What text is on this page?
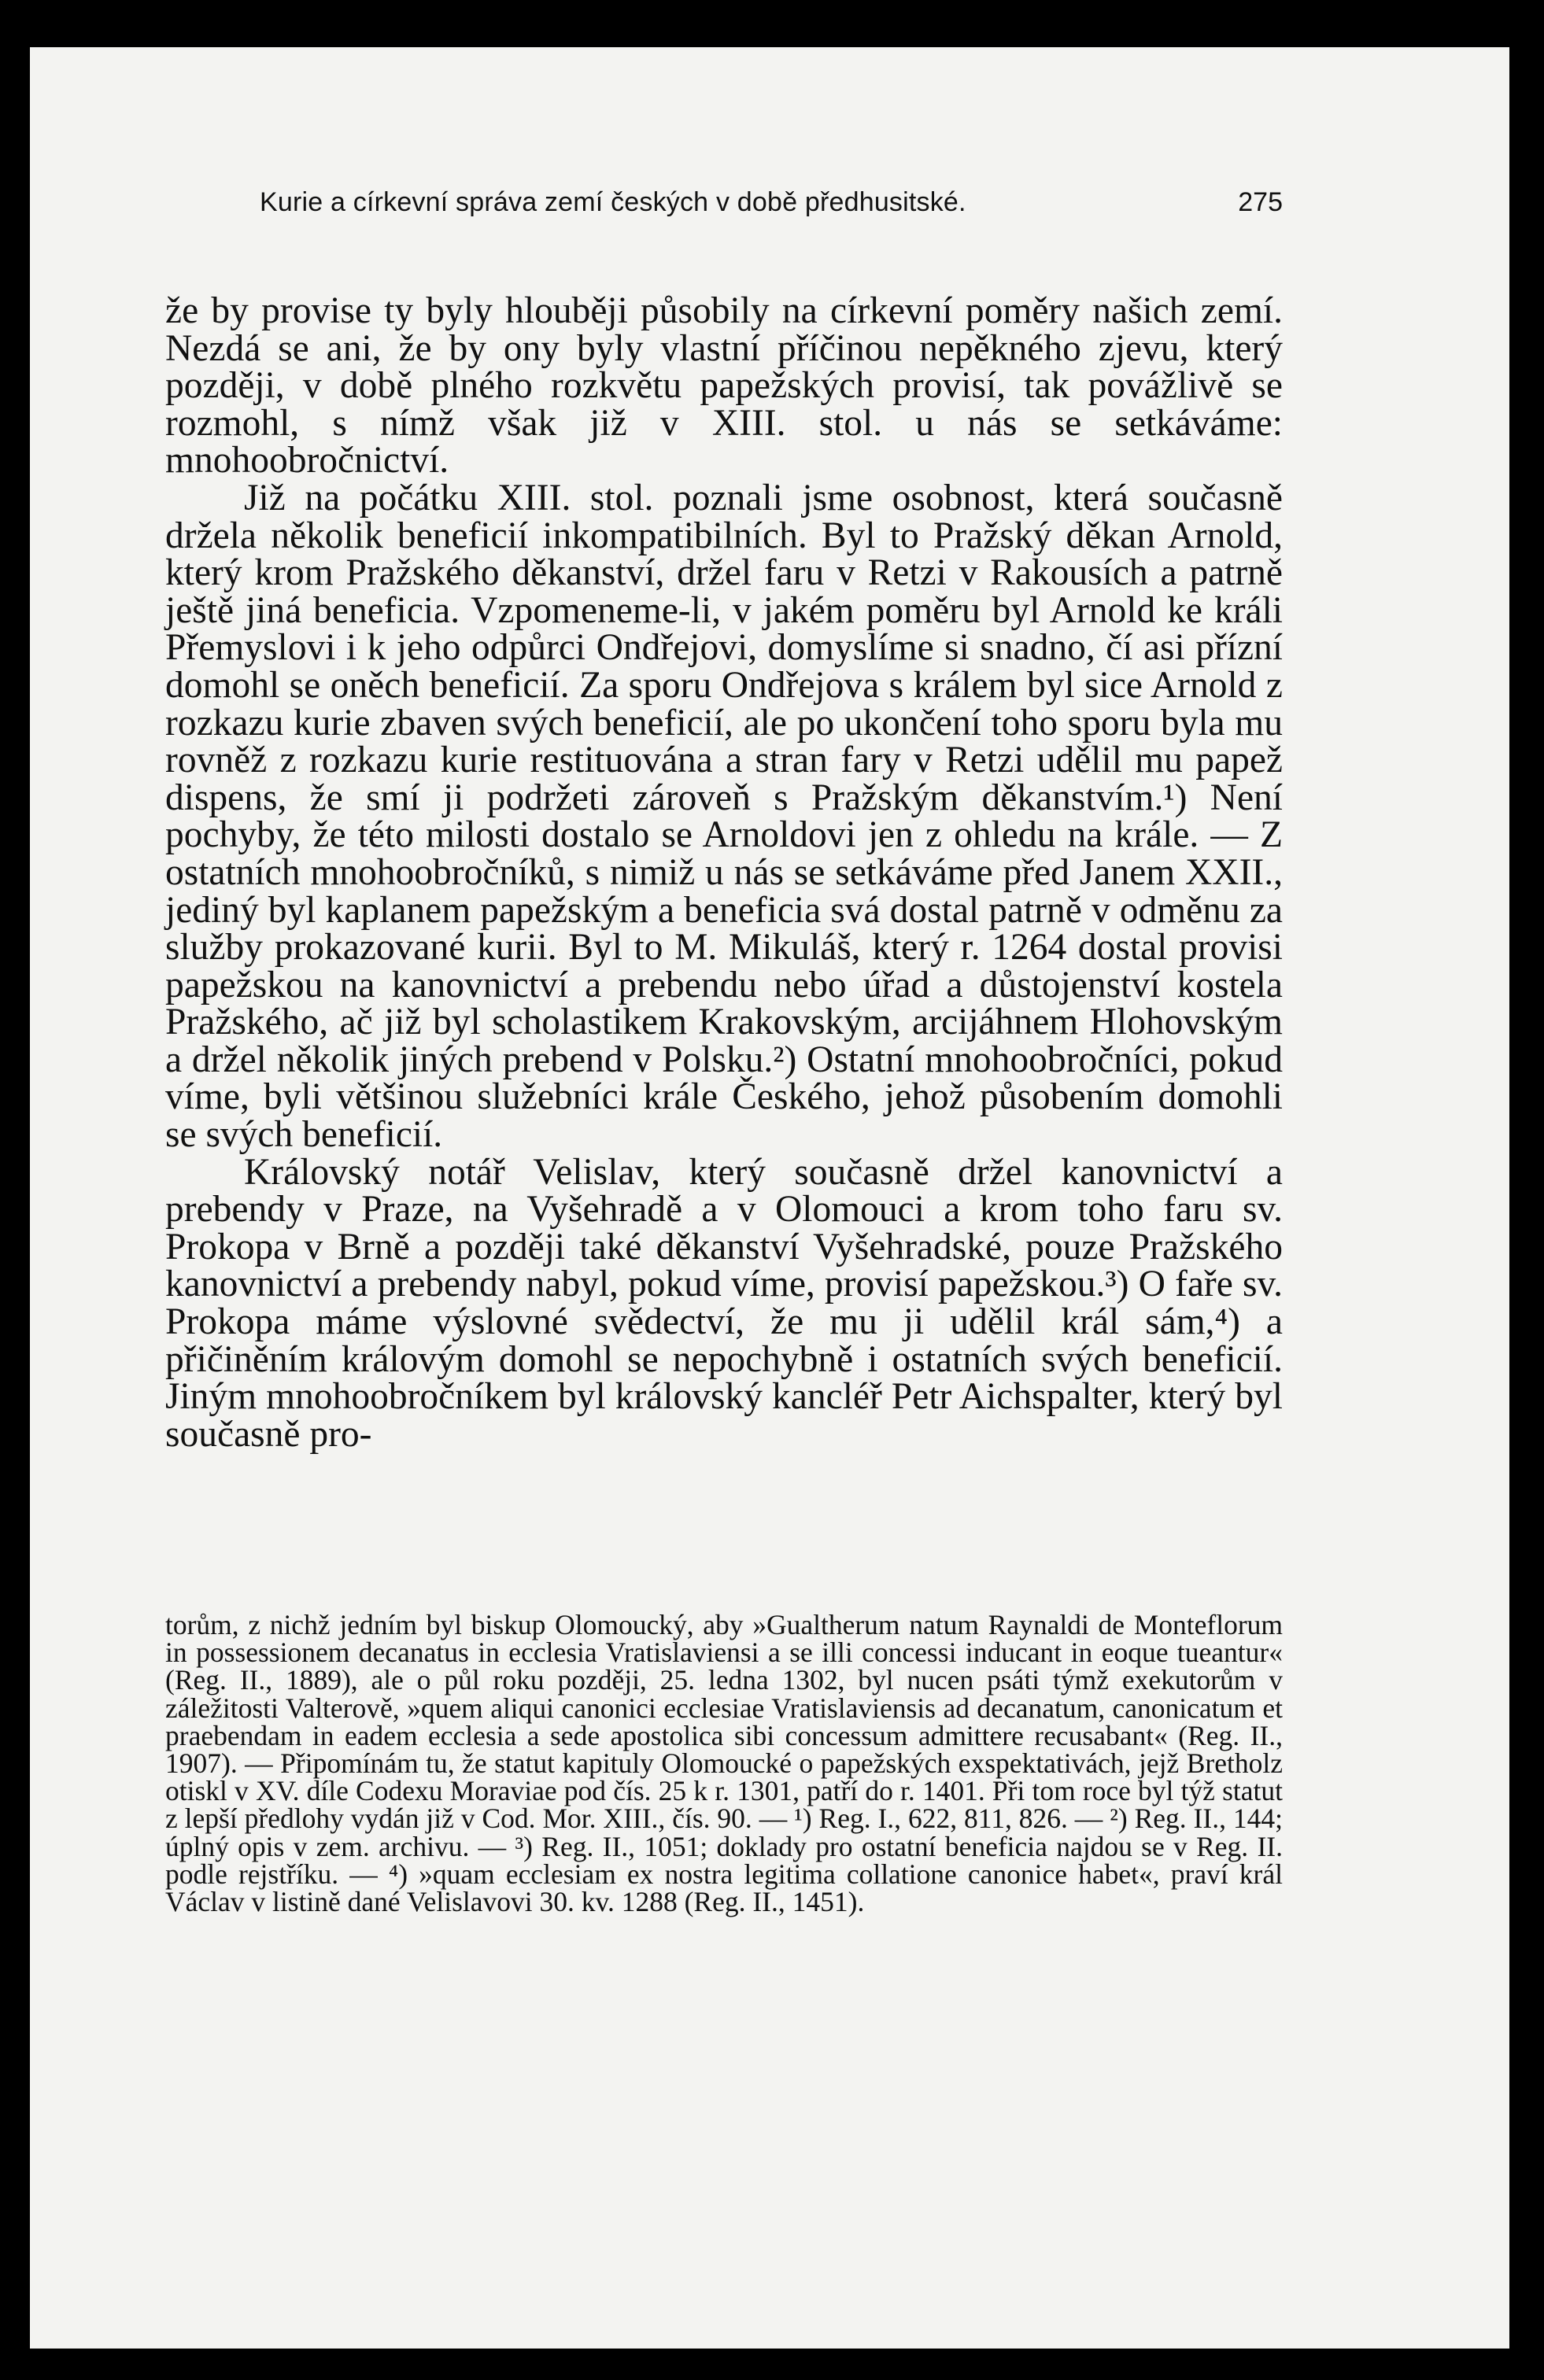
Kurie a církevní správa zemí českých v době předhusitské.	275

že by provise ty byly hlouběji působily na církevní poměry našich zemí. Nezdá se ani, že by ony byly vlastní příčinou nepěkného zjevu, který později, v době plného rozkvětu papežských provisí, tak povážlivě se rozmohl, s nímž však již v XIII. stol. u nás se setkáváme: mnohoobročnictví.

Již na počátku XIII. stol. poznali jsme osobnost, která současně držela několik beneficií inkompatibilních. Byl to Pražský děkan Arnold, který krom Pražského děkanství, držel faru v Retzi v Rakousích a patrně ještě jiná beneficia. Vzpomeneme-li, v jakém poměru byl Arnold ke králi Přemyslovi i k jeho odpůrci Ondřejovi, domyslíme si snadno, čí asi přízní domohl se oněch beneficií. Za sporu Ondřejova s králem byl sice Arnold z rozkazu kurie zbaven svých beneficií, ale po ukončení toho sporu byla mu rovněž z rozkazu kurie restituována a stran fary v Retzi udělil mu papež dispens, že smí ji podržeti zároveň s Pražským děkanstvím.¹) Není pochyby, že této milosti dostalo se Arnoldovi jen z ohledu na krále. — Z ostatních mnohoobročníků, s nimiž u nás se setkáváme před Janem XXII., jediný byl kaplanem papežským a beneficia svá dostal patrně v odměnu za služby prokazované kurii. Byl to M. Mikuláš, který r. 1264 dostal provisi papežskou na kanovnictví a prebendu nebo úřad a důstojenství kostela Pražského, ač již byl scholastikem Krakovským, arcijáhnem Hlohovským a držel několik jiných prebend v Polsku.²) Ostatní mnohoobročníci, pokud víme, byli většinou služebníci krále Českého, jehož působením domohli se svých beneficií.

Královský notář Velislav, který současně držel kanovnictví a prebendy v Praze, na Vyšehradě a v Olomouci a krom toho faru sv. Prokopa v Brně a později také děkanství Vyšehradské, pouze Pražského kanovnictví a prebendy nabyl, pokud víme, provisí papežskou.³) O faře sv. Prokopa máme výslovné svědectví, že mu ji udělil král sám,⁴) a přičiněním královým domohl se nepochybně i ostatních svých beneficií. Jiným mnohoobročníkem byl královský kancléř Petr Aichspalter, který byl současně pro-

torům, z nichž jedním byl biskup Olomoucký, aby »Gualtherum natum Raynaldi de Monteflorum in possessionem decanatus in ecclesia Vratislaviensi a se illi concessi inducant in eoque tueantur« (Reg. II., 1889), ale o půl roku později, 25. ledna 1302, byl nucen psáti týmž exekutorům v záležitosti Valterově, »quem aliqui canonici ecclesiae Vratislaviensis ad decanatum, canonicatum et praebendam in eadem ecclesia a sede apostolica sibi concessum admittere recusabant« (Reg. II., 1907). — Připomínám tu, že statut kapituly Olomoucké o papežských exspektativách, jejž Bretholz otiskl v XV. díle Codexu Moraviae pod čís. 25 k r. 1301, patří do r. 1401. Při tom roce byl týž statut z lepší předlohy vydán již v Cod. Mor. XIII., čís. 90. — ¹) Reg. I., 622, 811, 826. — ²) Reg. II., 144; úplný opis v zem. archivu. — ³) Reg. II., 1051; doklady pro ostatní beneficia najdou se v Reg. II. podle rejstříku. — ⁴) »quam ecclesiam ex nostra legitima collatione canonice habet«, praví král Václav v listině dané Velislavovi 30. kv. 1288 (Reg. II., 1451).
